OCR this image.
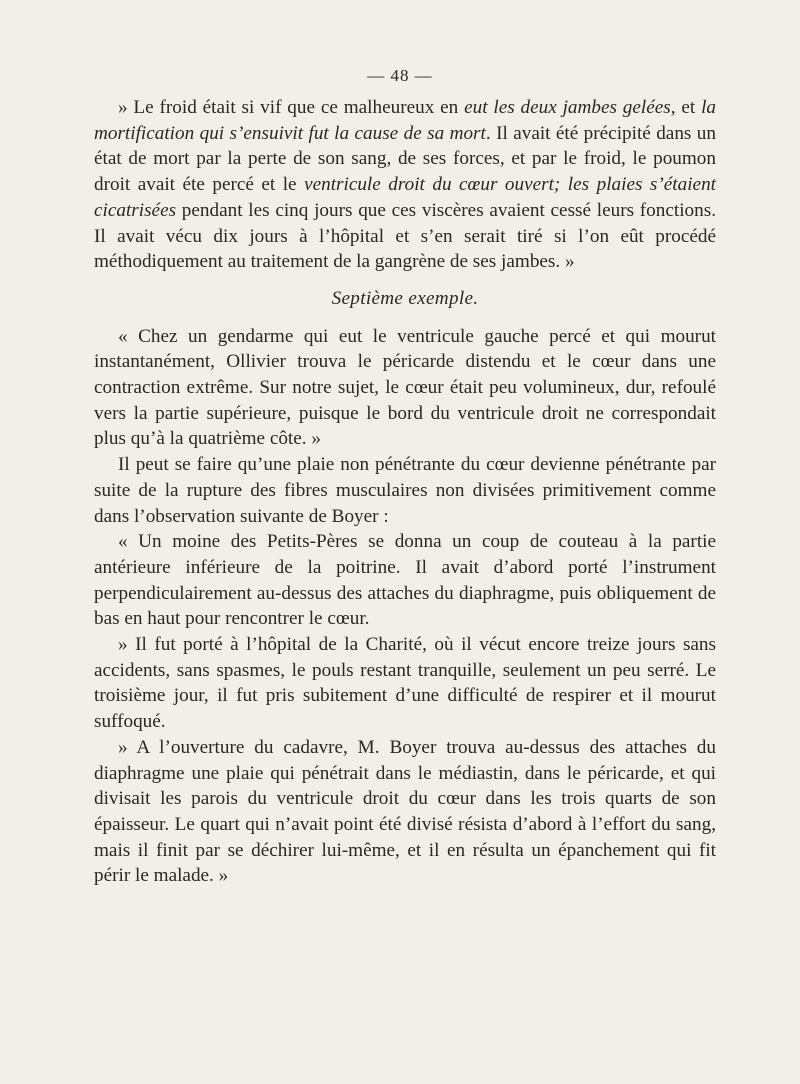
— 48 —

» Le froid était si vif que ce malheureux en eut les deux jambes gelées, et la mortification qui s’ensuivit fut la cause de sa mort. Il avait été précipité dans un état de mort par la perte de son sang, de ses forces, et par le froid, le poumon droit avait éte percé et le ventricule droit du cœur ouvert; les plaies s’étaient cicatrisées pendant les cinq jours que ces viscères avaient cessé leurs fonctions. Il avait vécu dix jours à l’hôpital et s’en serait tiré si l’on eût procédé méthodiquement au traitement de la gangrène de ses jambes. »

Septième exemple.

« Chez un gendarme qui eut le ventricule gauche percé et qui mourut instantanément, Ollivier trouva le péricarde distendu et le cœur dans une contraction extrême. Sur notre sujet, le cœur était peu volumineux, dur, refoulé vers la partie supérieure, puisque le bord du ventricule droit ne correspondait plus qu’à la quatrième côte. »

Il peut se faire qu’une plaie non pénétrante du cœur devienne pénétrante par suite de la rupture des fibres musculaires non divisées primitivement comme dans l’observation suivante de Boyer :

« Un moine des Petits-Pères se donna un coup de couteau à la partie antérieure inférieure de la poitrine. Il avait d’abord porté l’instrument perpendiculairement au-dessus des attaches du diaphragme, puis obliquement de bas en haut pour rencontrer le cœur.

» Il fut porté à l’hôpital de la Charité, où il vécut encore treize jours sans accidents, sans spasmes, le pouls restant tranquille, seulement un peu serré. Le troisième jour, il fut pris subitement d’une difficulté de respirer et il mourut suffoqué.

» A l’ouverture du cadavre, M. Boyer trouva au-dessus des attaches du diaphragme une plaie qui pénétrait dans le médiastin, dans le péricarde, et qui divisait les parois du ventricule droit du cœur dans les trois quarts de son épaisseur. Le quart qui n’avait point été divisé résista d’abord à l’effort du sang, mais il finit par se déchirer lui-même, et il en résulta un épanchement qui fit périr le malade. »
